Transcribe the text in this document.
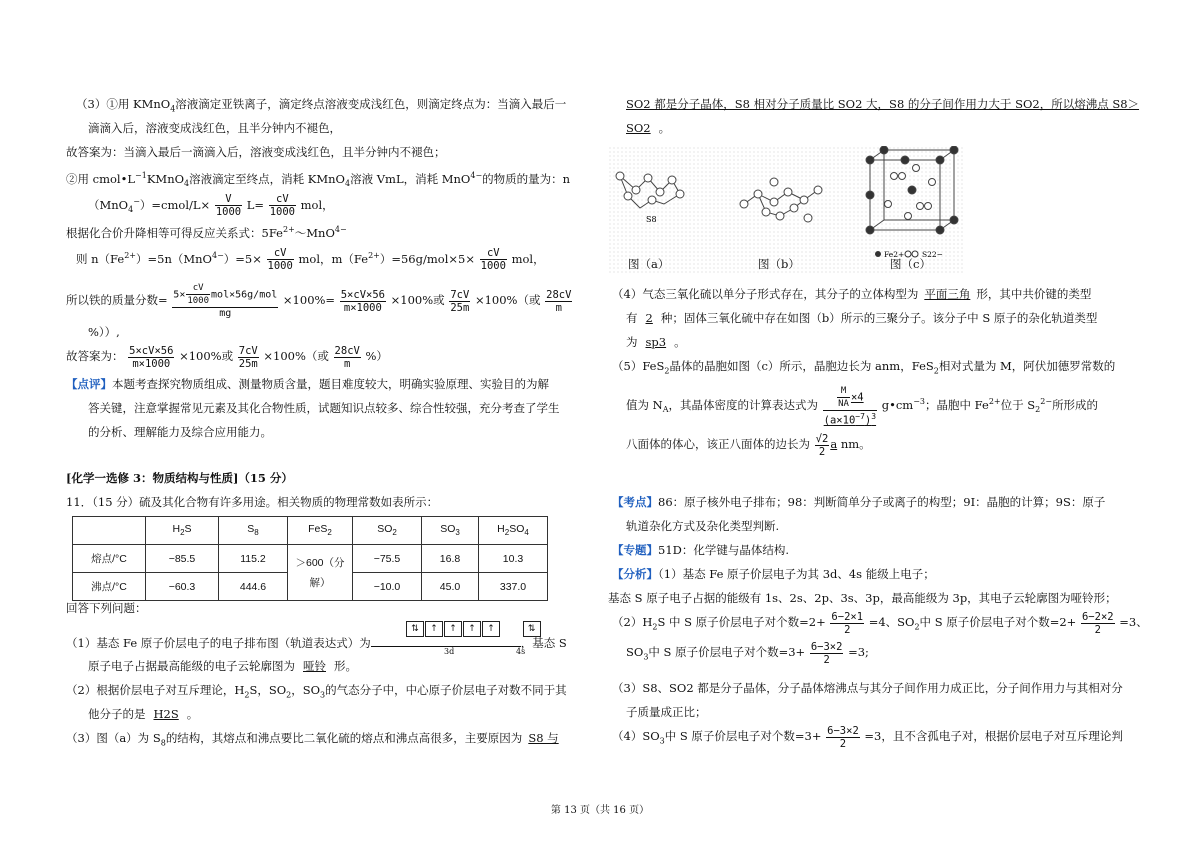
（3）①用 KMnO$_4$溶液滴定亚铁离子，滴定终点溶液变成浅红色，则滴定终点为：当滴入最后一
滴滴入后，溶液变成浅红色，且半分钟内不褪色，
故答案为：当滴入最后一滴滴入后，溶液变成浅红色，且半分钟内不褪色；
②用 $cmol•L^{-1}KMnO_4$溶液滴定至终点，消耗 KMnO$_4$溶液 VmL，消耗 MnO$^{4-}$的物质的量为：n
（MnO$_4$−）=cmol/L× $\frac{V}{1000} L= \frac{cV}{1000}$ mol，
根据化合价升降相等可得反应关系式：$5Fe^{2+}\sim MnO^{4-}$
则 $n(Fe^{2+})=5n(MnO^{4-})=5\times \frac{cV}{1000}$ mol，$m(Fe^{2+})=56g/mol\times 5\times \frac{cV}{1000}$ mol，
所以铁的质量分数= $\frac{5\times \frac{cV}{1000} mol\times 56g/mol}{mg} \times 100\%= \frac{5\times cV\times 56}{m\times 1000} \times 100\%$或 $\frac{7cV}{25m} \times 100\%$（或 $\frac{28cV}{m}$
%））,
故答案为： $\frac{5\times cV\times 56}{m\times 1000} \times 100\%$或 $\frac{7cV}{25m} \times 100\%$（或 $\frac{28cV}{m}$ %）
【点评】本题考查探究物质组成、测量物质含量，题目难度较大，明确实验原理、实验目的为解
答关键，注意掌握常见元素及其化合物性质，试题知识点较多、综合性较强，充分考查了学生
的分析、理解能力及综合应用能力。
[化学一选修 3：物质结构与性质]（15 分）
11．（15 分）硫及其化合物有许多用途。相关物质的物理常数如表所示：
	$H_2S$	$S_8$	FeS$_2$	$SO_2$	$SO_3$	$H_2SO_4$
熔点/°C	−85.5	115.2	＞600（分
解）	−75.5	16.8	10.3
沸点/°C	−60.3	444.6		−10.0	45.0	337.0
回答下列问题：
⇅ ↑ ↑ ↑ ↑	⇅
（1）基态 Fe 原子价层电子的电子排布图（轨道表达式）为	，基态 S
3d	4s
原子电子占据最高能级的电子云轮廓图为 哑铃 形。
（2）根据价层电子对互斥理论，$H_2S$，$SO_2$，$SO_3$的气态分子中，中心原子价层电子对数不同于其
他分子的是 H2S 。
（3）图（a）为 $S_8$的结构，其熔点和沸点要比二氧化硫的熔点和沸点高很多，主要原因为 S8 与
SO2 都是分子晶体，S8 相对分子质量比 SO2 大，S8 的分子间作用力大于 SO2，所以熔沸点 S8＞
SO2 。
S8
Fe2+ S22−
图（a）	图（b）	图（c）
（4）气态三氧化硫以单分子形式存在，其分子的立体构型为 平面三角 形，其中共价键的类型
有 2 种；固体三氧化硫中存在如图（b）所示的三聚分子。该分子中 S 原子的杂化轨道类型
为 sp3 。
（5）FeS$_2$晶体的晶胞如图（c）所示，晶胞边长为 anm，FeS$_2$相对式量为 M，阿伏加德罗常数的
值为 $N_A$，其晶体密度的计算表达式为 $\frac{\frac{M}{NA} \times 4}{(a\times 10^{-7})^3}$ $g•cm^{-3}$；晶胞中 $Fe^{2+}$位于 $S_2^{2-}$所形成的
八面体的体心，该正八面体的边长为 $\frac{√2}{2}$ a nm。
【考点】86：原子核外电子排布；98：判断简单分子或离子的构型；9I：晶胞的计算；9S：原子
轨道杂化方式及杂化类型判断.
【专题】51D：化学键与晶体结构.
【分析】（1）基态 Fe 原子价层电子为其 3d、4s 能级上电子；
基态 S 原子电子占据的能级有 1s、2s、2p、3s、3p，最高能级为 3p，其电子云轮廓图为哑铃形；
$(2)H_2S$ 中 S 原子价层电子对个数$=2+ \frac{6-2\times 1}{2} =4$、$SO_2$中 S 原子价层电子对个数$=2+ \frac{6-2\times 2}{2} =3$、
$SO_3$中 S 原子价层电子对个数$=3+ \frac{6-3\times 2}{2} =3$;
（3）S8、SO2 都是分子晶体，分子晶体熔沸点与其分子间作用力成正比，分子间作用力与其相对分
子质量成正比；
$(4)SO_3$中 S 原子价层电子对个数$=3+ \frac{6-3\times 2}{2} =3$，且不含孤电子对，根据价层电子对互斥理论判
第 13 页（共 16 页）
